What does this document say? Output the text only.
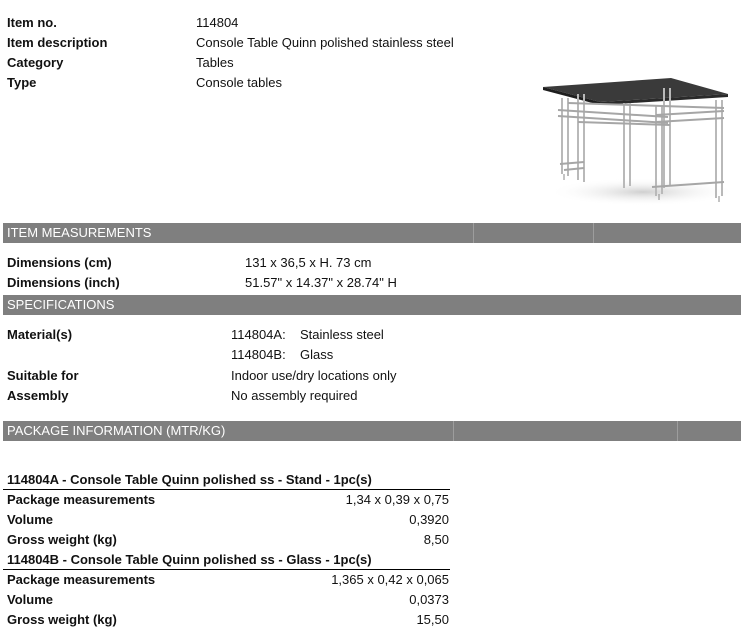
Item no.	114804
Item description	Console Table Quinn polished stainless steel
Category	Tables
Type	Console tables
ITEM MEASUREMENTS
Dimensions (cm)	131 x 36,5 x H. 73 cm
Dimensions (inch)	51.57" x 14.37" x 28.74" H
SPECIFICATIONS
Material(s)	114804A: Stainless steel
114804B: Glass
Suitable for	Indoor use/dry locations only
Assembly	No assembly required
PACKAGE INFORMATION (MTR/KG)
114804A - Console Table Quinn polished ss - Stand - 1pc(s)
Package measurements	1,34 x 0,39 x 0,75
Volume	0,3920
Gross weight (kg)	8,50
114804B - Console Table Quinn polished ss - Glass - 1pc(s)
Package measurements	1,365 x 0,42 x 0,065
Volume	0,0373
Gross weight (kg)	15,50
